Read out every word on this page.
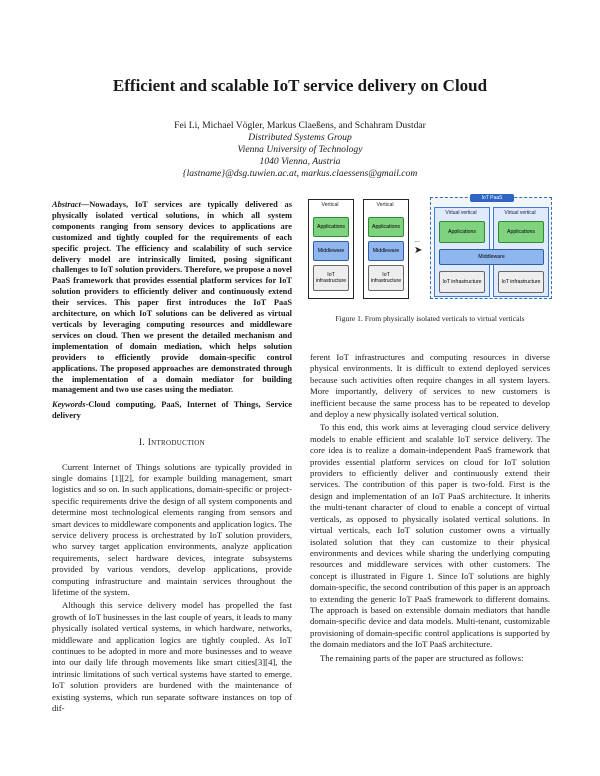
Efficient and scalable IoT service delivery on Cloud
Fei Li, Michael Vögler, Markus Claeßens, and Schahram Dustdar
Distributed Systems Group
Vienna University of Technology
1040 Vienna, Austria
{lastname}@dsg.tuwien.ac.at, markus.claessens@gmail.com
Abstract—Nowadays, IoT services are typically delivered as physically isolated vertical solutions, in which all system components ranging from sensory devices to applications are customized and tightly coupled for the requirements of each specific project. The efficiency and scalability of such service delivery model are intrinsically limited, posing significant challenges to IoT solution providers. Therefore, we propose a novel PaaS framework that provides essential platform services for IoT solution providers to efficiently deliver and continuously extend their services. This paper first introduces the IoT PaaS architecture, on which IoT solutions can be delivered as virtual verticals by leveraging computing resources and middleware services on cloud. Then we present the detailed mechanism and implementation of domain mediation, which helps solution providers to efficiently provide domain-specific control applications. The proposed approaches are demonstrated through the implementation of a domain mediator for building management and two use cases using the mediator.
Keywords-Cloud computing, PaaS, Internet of Things, Service delivery
I. Introduction

Current Internet of Things solutions are typically provided in single domains [1][2], for example building management, smart logistics and so on. In such applications, domain-specific or project-specific requirements drive the design of all system components and determine most technological elements ranging from sensors and smart devices to middleware components and application logics. The service delivery process is orchestrated by IoT solution providers, who survey target application environments, analyze application requirements, select hardware devices, integrate subsystems provided by various vendors, develop applications, provide computing infrastructure and maintain services throughout the lifetime of the system.

Although this service delivery model has propelled the fast growth of IoT businesses in the last couple of years, it leads to many physically isolated vertical systems, in which hardware, networks, middleware and application logics are tightly coupled. As IoT continues to be adopted in more and more businesses and to weave into our daily life through movements like smart cities[3][4], the intrinsic limitations of such vertical systems have started to emerge. IoT solution providers are burdened with the maintenance of existing systems, which run separate software instances on top of dif-

Vertical
Applications
Middleware
IoT infrastructure
Vertical
Applications
Middleware
IoT infrastructure
...
➤
IoT PaaS
Virtual vertical
Applications
Virtual vertical
Applications
Middleware
IoT infrastructure	IoT infrastructure
Figure 1. From physically isolated verticals to virtual verticals

ferent IoT infrastructures and computing resources in diverse physical environments. It is difficult to extend deployed services because such activities often require changes in all system layers. More importantly, delivery of services to new customers is inefficient because the same process has to be repeated to develop and deploy a new physically isolated vertical solution.

To this end, this work aims at leveraging cloud service delivery models to enable efficient and scalable IoT service delivery. The core idea is to realize a domain-independent PaaS framework that provides essential platform services on cloud for IoT solution providers to efficiently deliver and continuously extend their services. The contribution of this paper is two-fold. First is the design and implementation of an IoT PaaS architecture. It inherits the multi-tenant character of cloud to enable a concept of virtual verticals, as opposed to physically isolated vertical solutions. In virtual verticals, each IoT solution customer owns a virtually isolated solution that they can customize to their physical environments and devices while sharing the underlying computing resources and middleware services with other customers. The concept is illustrated in Figure 1. Since IoT solutions are highly domain-specific, the second contribution of this paper is an approach to extending the generic IoT PaaS framework to different domains. The approach is based on extensible domain mediators that handle domain-specific device and data models. Multi-tenant, customizable provisioning of domain-specific control applications is supported by the domain mediators and the IoT PaaS architecture.

The remaining parts of the paper are structured as follows:
